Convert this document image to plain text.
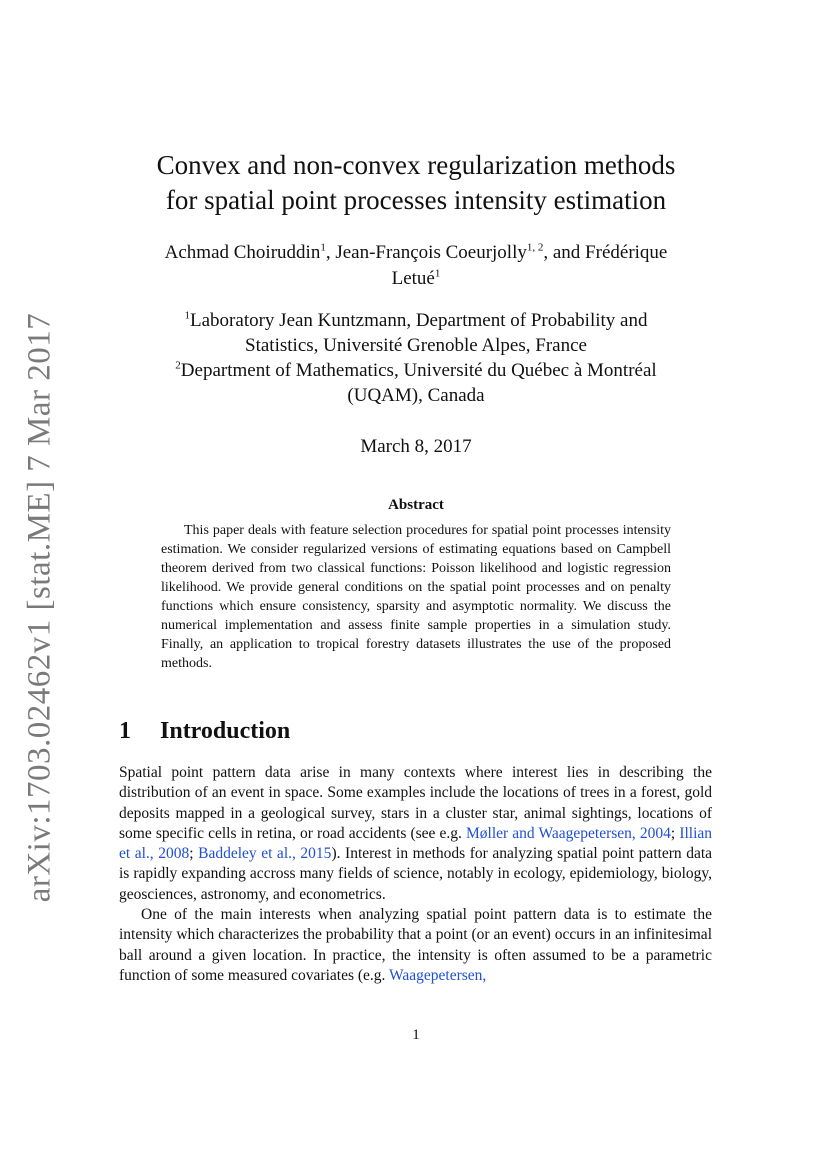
arXiv:1703.02462v1 [stat.ME] 7 Mar 2017
Convex and non-convex regularization methods
for spatial point processes intensity estimation
Achmad Choiruddin$^1$, Jean-François Coeurjolly$^{1, 2}$, and Frédérique
Letué$^1$
$^1$Laboratory Jean Kuntzmann, Department of Probability and
Statistics, Université Grenoble Alpes, France
$^2$Department of Mathematics, Université du Québec à Montréal
(UQAM), Canada
March 8, 2017
Abstract

This paper deals with feature selection procedures for spatial point processes intensity estimation. We consider regularized versions of estimating equations based on Campbell theorem derived from two classical functions: Poisson likelihood and logistic regression likelihood. We provide general conditions on the spatial point processes and on penalty functions which ensure consistency, sparsity and asymptotic normality. We discuss the numerical implementation and assess finite sample properties in a simulation study. Finally, an application to tropical forestry datasets illustrates the use of the proposed methods.

1 Introduction

Spatial point pattern data arise in many contexts where interest lies in describing the distribution of an event in space. Some examples include the locations of trees in a forest, gold deposits mapped in a geological survey, stars in a cluster star, animal sightings, locations of some specific cells in retina, or road accidents (see e.g. Møller and Waagepetersen, 2004; Illian et al., 2008; Baddeley et al., 2015). Interest in methods for analyzing spatial point pattern data is rapidly expanding accross many fields of science, notably in ecology, epidemiology, biology, geosciences, astronomy, and econometrics.

One of the main interests when analyzing spatial point pattern data is to estimate the intensity which characterizes the probability that a point (or an event) occurs in an infinitesimal ball around a given location. In practice, the intensity is often assumed to be a parametric function of some measured covariates (e.g. Waagepetersen,

1
